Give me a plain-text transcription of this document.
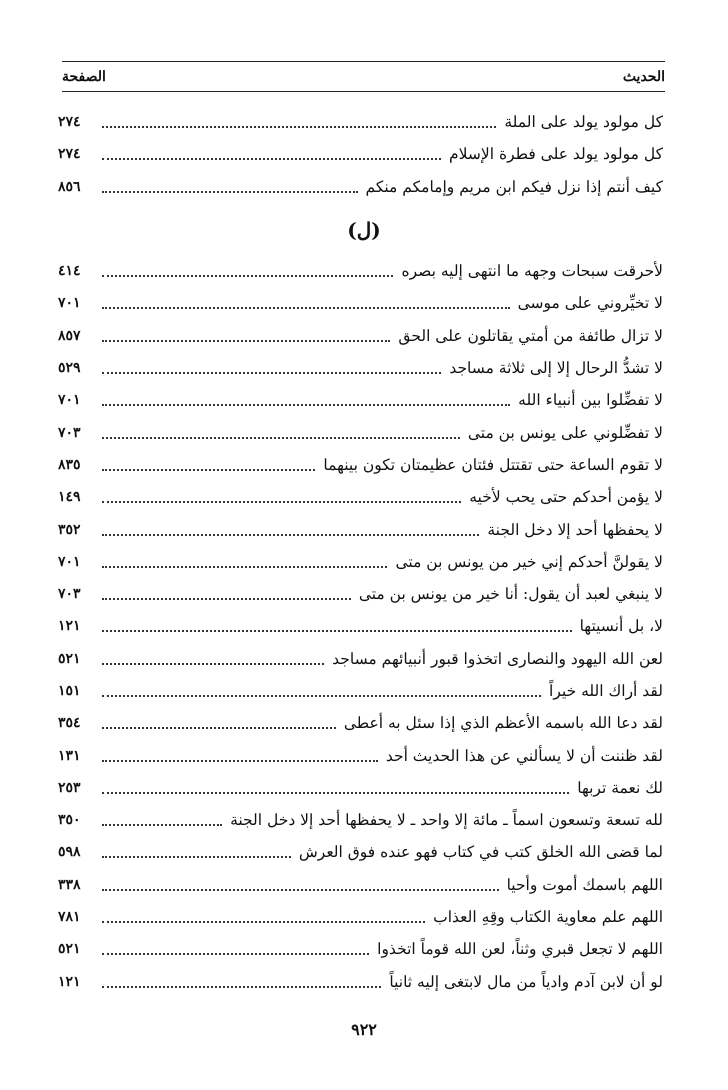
الحديث
الصفحة
كل مولود يولد على الملة
٢٧٤
كل مولود يولد على فطرة الإسلام
٢٧٤
كيف أنتم إذا نزل فيكم ابن مريم وإمامكم منكم
٨٥٦
(ل)
لأحرقت سبحات وجهه ما انتهى إليه بصره
٤١٤
لا تخيِّروني على موسى
٧٠١
لا تزال طائفة من أمتي يقاتلون على الحق
٨٥٧
لا تشدُّ الرحال إلا إلى ثلاثة مساجد
٥٢٩
لا تفضِّلوا بين أنبياء الله
٧٠١
لا تفضِّلوني على يونس بن متى
٧٠٣
لا تقوم الساعة حتى تقتتل فئتان عظيمتان تكون بينهما
٨٣٥
لا يؤمن أحدكم حتى يحب لأخيه
١٤٩
لا يحفظها أحد إلا دخل الجنة
٣٥٢
لا يقولنَّ أحدكم إني خير من يونس بن متى
٧٠١
لا ينبغي لعبد أن يقول: أنا خير من يونس بن متى
٧٠٣
لا، بل أنسيتها
١٢١
لعن الله اليهود والنصارى اتخذوا قبور أنبيائهم مساجد
٥٢١
لقد أراك الله خيراً
١٥١
لقد دعا الله باسمه الأعظم الذي إذا سئل به أعطى
٣٥٤
لقد ظننت أن لا يسألني عن هذا الحديث أحد
١٣١
لك نعمة تربها
٢٥٣
لله تسعة وتسعون اسماً ـ مائة إلا واحد ـ لا يحفظها أحد إلا دخل الجنة
٣٥٠
لما قضى الله الخلق كتب في كتاب فهو عنده فوق العرش
٥٩٨
اللهم باسمك أموت وأحيا
٣٣٨
اللهم علم معاوية الكتاب وقِهِ العذاب
٧٨١
اللهم لا تجعل قبري وثناً، لعن الله قوماً اتخذوا
٥٢١
لو أن لابن آدم وادياً من مال لابتغى إليه ثانياً
١٢١
٩٢٢
